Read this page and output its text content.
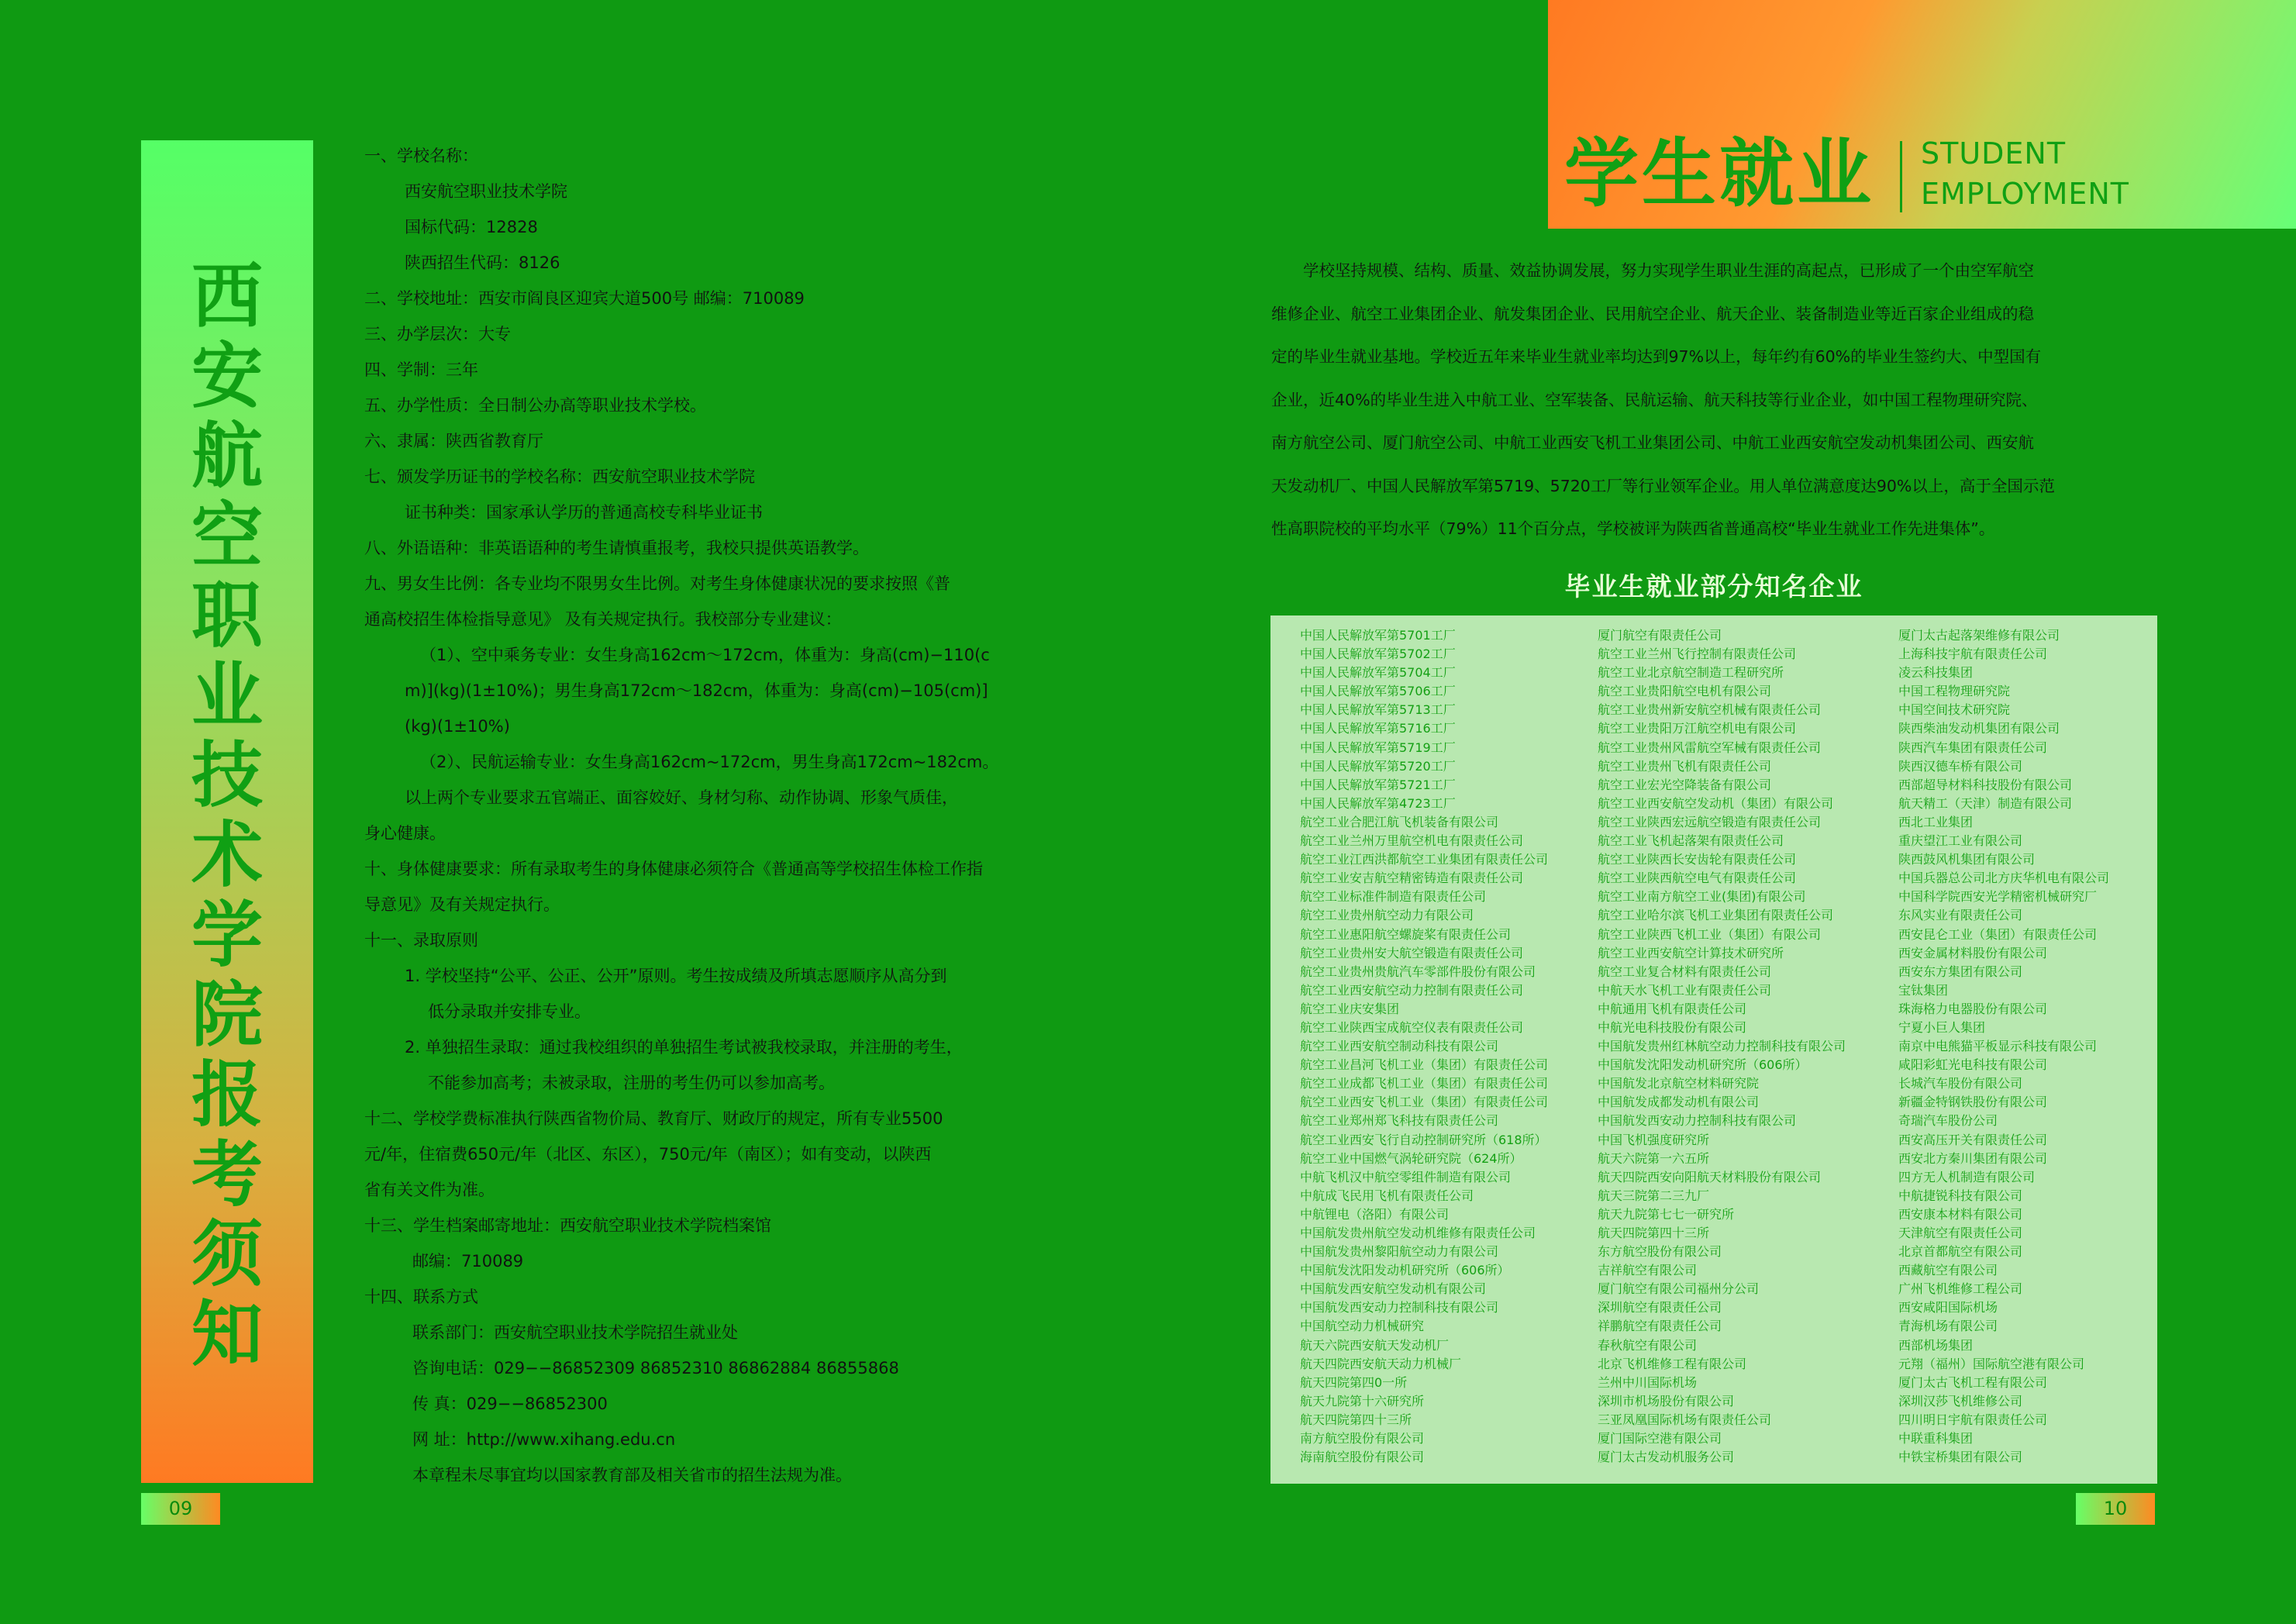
西
安
航
空
职
业
技
术
学
院
报
考
须
知
09
一、学校名称：
西安航空职业技术学院
国标代码：12828
陕西招生代码：8126
二、学校地址：西安市阎良区迎宾大道500号 邮编：710089
三、办学层次：大专
四、学制：三年
五、办学性质：全日制公办高等职业技术学校。
六、隶属：陕西省教育厅
七、颁发学历证书的学校名称：西安航空职业技术学院
证书种类：国家承认学历的普通高校专科毕业证书
八、外语语种：非英语语种的考生请慎重报考，我校只提供英语教学。
九、男女生比例：各专业均不限男女生比例。对考生身体健康状况的要求按照《普
通高校招生体检指导意见》 及有关规定执行。我校部分专业建议：
（1）、空中乘务专业：女生身高162cm～172cm，体重为：身高(cm)−110(c
m)](kg)(1±10%)；男生身高172cm～182cm，体重为：身高(cm)−105(cm)]
(kg)(1±10%)
（2）、民航运输专业：女生身高162cm~172cm，男生身高172cm~182cm。
以上两个专业要求五官端正、面容姣好、身材匀称、动作协调、形象气质佳，
身心健康。
十、身体健康要求：所有录取考生的身体健康必须符合《普通高等学校招生体检工作指
导意见》及有关规定执行。
十一、录取原则
1. 学校坚持“公平、公正、公开”原则。考生按成绩及所填志愿顺序从高分到
低分录取并安排专业。
2. 单独招生录取：通过我校组织的单独招生考试被我校录取，并注册的考生，
不能参加高考；未被录取，注册的考生仍可以参加高考。
十二、学校学费标准执行陕西省物价局、教育厅、财政厅的规定，所有专业5500
元/年，住宿费650元/年（北区、东区），750元/年（南区）；如有变动，以陕西
省有关文件为准。
十三、学生档案邮寄地址：西安航空职业技术学院档案馆
邮编：710089
十四、联系方式
联系部门：西安航空职业技术学院招生就业处
咨询电话：029−−86852309 86852310 86862884 86855868
传 真：029−−86852300
网 址：http://www.xihang.edu.cn
本章程未尽事宜均以国家教育部及相关省市的招生法规为准。
学生就业 STUDENT
EMPLOYMENT
　　学校坚持规模、结构、质量、效益协调发展，努力实现学生职业生涯的高起点，已形成了一个由空军航空
维修企业、航空工业集团企业、航发集团企业、民用航空企业、航天企业、装备制造业等近百家企业组成的稳
定的毕业生就业基地。学校近五年来毕业生就业率均达到97%以上，每年约有60%的毕业生签约大、中型国有
企业，近40%的毕业生进入中航工业、空军装备、民航运输、航天科技等行业企业，如中国工程物理研究院、
南方航空公司、厦门航空公司、中航工业西安飞机工业集团公司、中航工业西安航空发动机集团公司、西安航
天发动机厂、中国人民解放军第5719、5720工厂等行业领军企业。用人单位满意度达90%以上，高于全国示范
性高职院校的平均水平（79%）11个百分点，学校被评为陕西省普通高校“毕业生就业工作先进集体”。
毕业生就业部分知名企业
中国人民解放军第5701工厂
中国人民解放军第5702工厂
中国人民解放军第5704工厂
中国人民解放军第5706工厂
中国人民解放军第5713工厂
中国人民解放军第5716工厂
中国人民解放军第5719工厂
中国人民解放军第5720工厂
中国人民解放军第5721工厂
中国人民解放军第4723工厂
航空工业合肥江航飞机装备有限公司
航空工业兰州万里航空机电有限责任公司
航空工业江西洪都航空工业集团有限责任公司
航空工业安吉航空精密铸造有限责任公司
航空工业标准件制造有限责任公司
航空工业贵州航空动力有限公司
航空工业惠阳航空螺旋桨有限责任公司
航空工业贵州安大航空锻造有限责任公司
航空工业贵州贵航汽车零部件股份有限公司
航空工业西安航空动力控制有限责任公司
航空工业庆安集团
航空工业陕西宝成航空仪表有限责任公司
航空工业西安航空制动科技有限公司
航空工业昌河飞机工业（集团）有限责任公司
航空工业成都飞机工业（集团）有限责任公司
航空工业西安飞机工业（集团）有限责任公司
航空工业郑州郑飞科技有限责任公司
航空工业西安飞行自动控制研究所（618所）
航空工业中国燃气涡轮研究院（624所）
中航飞机汉中航空零组件制造有限公司
中航成飞民用飞机有限责任公司
中航锂电（洛阳）有限公司
中国航发贵州航空发动机维修有限责任公司
中国航发贵州黎阳航空动力有限公司
中国航发沈阳发动机研究所（606所）
中国航发西安航空发动机有限公司
中国航发西安动力控制科技有限公司
中国航空动力机械研究
航天六院西安航天发动机厂
航天四院西安航天动力机械厂
航天四院第四0一所
航天九院第十六研究所
航天四院第四十三所
南方航空股份有限公司
海南航空股份有限公司
厦门航空有限责任公司
航空工业兰州飞行控制有限责任公司
航空工业北京航空制造工程研究所
航空工业贵阳航空电机有限公司
航空工业贵州新安航空机械有限责任公司
航空工业贵阳万江航空机电有限公司
航空工业贵州风雷航空军械有限责任公司
航空工业贵州飞机有限责任公司
航空工业宏光空降装备有限公司
航空工业西安航空发动机（集团）有限公司
航空工业陕西宏远航空锻造有限责任公司
航空工业飞机起落架有限责任公司
航空工业陕西长安齿轮有限责任公司
航空工业陕西航空电气有限责任公司
航空工业南方航空工业(集团)有限公司
航空工业哈尔滨飞机工业集团有限责任公司
航空工业陕西飞机工业（集团）有限公司
航空工业西安航空计算技术研究所
航空工业复合材料有限责任公司
中航天水飞机工业有限责任公司
中航通用飞机有限责任公司
中航光电科技股份有限公司
中国航发贵州红林航空动力控制科技有限公司
中国航发沈阳发动机研究所（606所）
中国航发北京航空材料研究院
中国航发成都发动机有限公司
中国航发西安动力控制科技有限公司
中国飞机强度研究所
航天六院第一六五所
航天四院西安向阳航天材料股份有限公司
航天三院第二三九厂
航天九院第七七一研究所
航天四院第四十三所
东方航空股份有限公司
吉祥航空有限公司
厦门航空有限公司福州分公司
深圳航空有限责任公司
祥鹏航空有限责任公司
春秋航空有限公司
北京飞机维修工程有限公司
兰州中川国际机场
深圳市机场股份有限公司
三亚凤凰国际机场有限责任公司
厦门国际空港有限公司
厦门太古发动机服务公司
厦门太古起落架维修有限公司
上海科技宇航有限责任公司
凌云科技集团
中国工程物理研究院
中国空间技术研究院
陕西柴油发动机集团有限公司
陕西汽车集团有限责任公司
陕西汉德车桥有限公司
西部超导材料科技股份有限公司
航天精工（天津）制造有限公司
西北工业集团
重庆望江工业有限公司
陕西鼓风机集团有限公司
中国兵器总公司北方庆华机电有限公司
中国科学院西安光学精密机械研究厂
东风实业有限责任公司
西安昆仑工业（集团）有限责任公司
西安金属材料股份有限公司
西安东方集团有限公司
宝钛集团
珠海格力电器股份有限公司
宁夏小巨人集团
南京中电熊猫平板显示科技有限公司
咸阳彩虹光电科技有限公司
长城汽车股份有限公司
新疆金特钢铁股份有限公司
奇瑞汽车股份公司
西安高压开关有限责任公司
西安北方秦川集团有限公司
四方无人机制造有限公司
中航捷锐科技有限公司
西安康本材料有限公司
天津航空有限责任公司
北京首都航空有限公司
西藏航空有限公司
广州飞机维修工程公司
西安咸阳国际机场
青海机场有限公司
西部机场集团
元翔（福州）国际航空港有限公司
厦门太古飞机工程有限公司
深圳汉莎飞机维修公司
四川明日宇航有限责任公司
中联重科集团
中铁宝桥集团有限公司
10
